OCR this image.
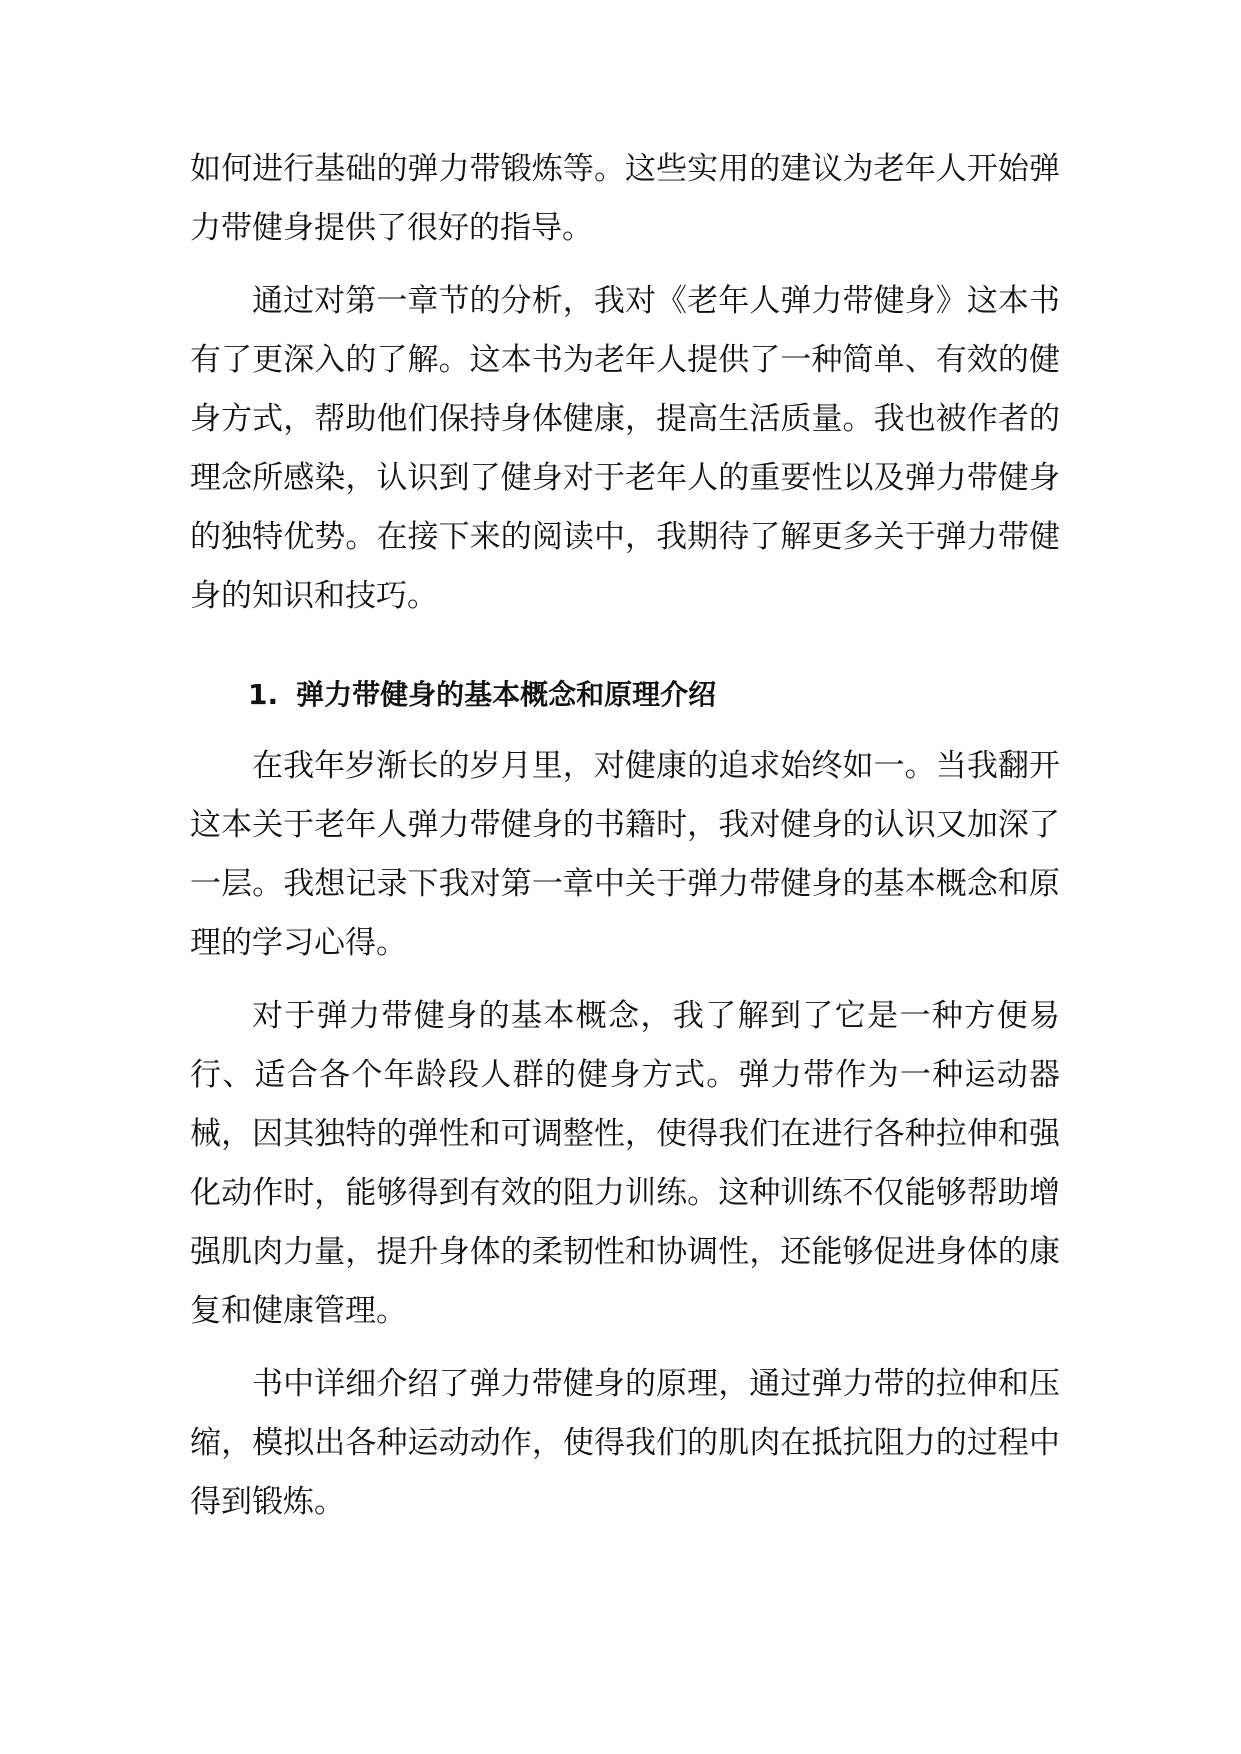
如何进行基础的弹力带锻炼等。这些实用的建议为老年人开始弹力带健身提供了很好的指导。

通过对第一章节的分析，我对《老年人弹力带健身》这本书有了更深入的了解。这本书为老年人提供了一种简单、有效的健身方式，帮助他们保持身体健康，提高生活质量。我也被作者的理念所感染，认识到了健身对于老年人的重要性以及弹力带健身的独特优势。在接下来的阅读中，我期待了解更多关于弹力带健身的知识和技巧。

1. 弹力带健身的基本概念和原理介绍

在我年岁渐长的岁月里，对健康的追求始终如一。当我翻开这本关于老年人弹力带健身的书籍时，我对健身的认识又加深了一层。我想记录下我对第一章中关于弹力带健身的基本概念和原理的学习心得。

对于弹力带健身的基本概念，我了解到了它是一种方便易行、适合各个年龄段人群的健身方式。弹力带作为一种运动器械，因其独特的弹性和可调整性，使得我们在进行各种拉伸和强化动作时，能够得到有效的阻力训练。这种训练不仅能够帮助增强肌肉力量，提升身体的柔韧性和协调性，还能够促进身体的康复和健康管理。

书中详细介绍了弹力带健身的原理，通过弹力带的拉伸和压缩，模拟出各种运动动作，使得我们的肌肉在抵抗阻力的过程中得到锻炼。
